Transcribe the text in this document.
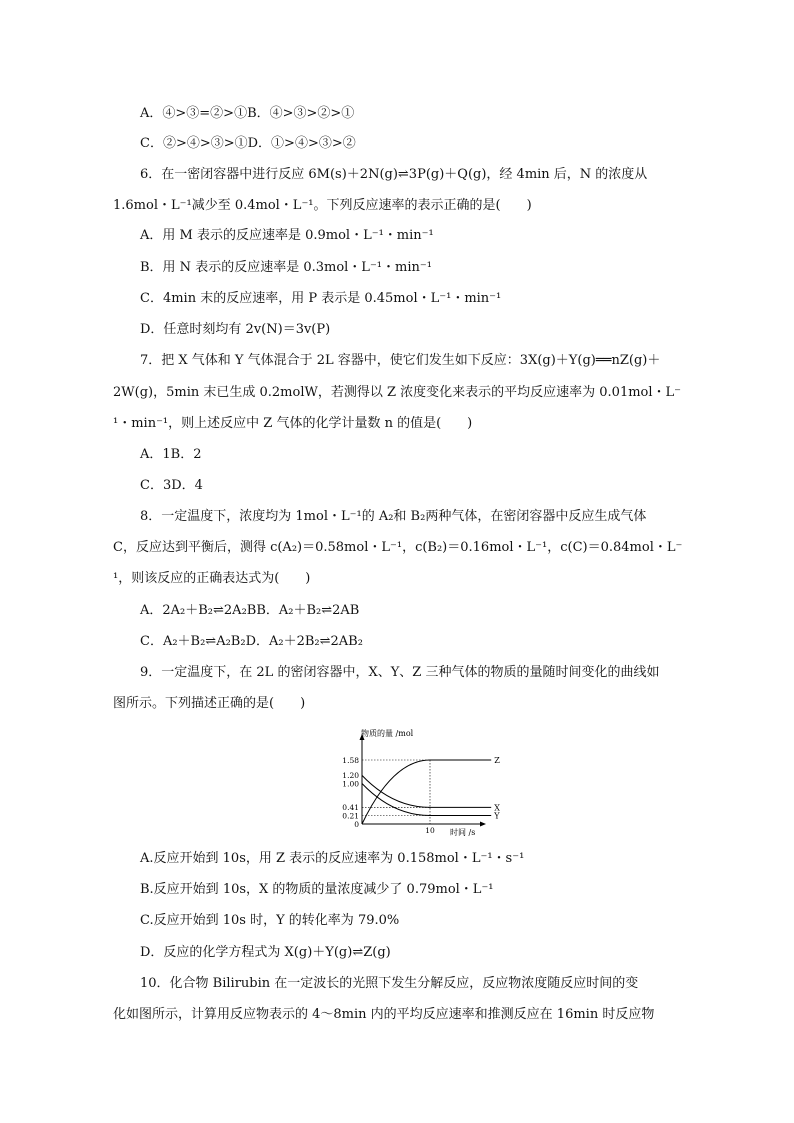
A．④>③=②>①B．④>③>②>①
C．②>④>③>①D．①>④>③>②
6．在一密闭容器中进行反应 6M(s)＋2N(g)⇌3P(g)＋Q(g)，经 4min 后，N 的浓度从
1.6mol・L⁻¹减少至 0.4mol・L⁻¹。下列反应速率的表示正确的是(　　)
A．用 M 表示的反应速率是 0.9mol・L⁻¹・min⁻¹
B．用 N 表示的反应速率是 0.3mol・L⁻¹・min⁻¹
C．4min 末的反应速率，用 P 表示是 0.45mol・L⁻¹・min⁻¹
D．任意时刻均有 2v(N)＝3v(P)
7．把 X 气体和 Y 气体混合于 2L 容器中，使它们发生如下反应：3X(g)＋Y(g)══nZ(g)＋
2W(g)，5min 末已生成 0.2molW，若测得以 Z 浓度变化来表示的平均反应速率为 0.01mol・L⁻
¹・min⁻¹，则上述反应中 Z 气体的化学计量数 n 的值是(　　)
A．1B．2
C．3D．4
8．一定温度下，浓度均为 1mol・L⁻¹的 A₂和 B₂两种气体，在密闭容器中反应生成气体
C，反应达到平衡后，测得 c(A₂)＝0.58mol・L⁻¹，c(B₂)＝0.16mol・L⁻¹，c(C)＝0.84mol・L⁻
¹，则该反应的正确表达式为(　　)
A．2A₂＋B₂⇌2A₂BB．A₂＋B₂⇌2AB
C．A₂＋B₂⇌A₂B₂D．A₂＋2B₂⇌2AB₂
9．一定温度下，在 2L 的密闭容器中，X、Y、Z 三种气体的物质的量随时间变化的曲线如
图所示。下列描述正确的是(　　)
物质的量 /mol
时间 /s
1.58
1.20
1.00
0.41
0.21
0
10
Z
X
Y
A.反应开始到 10s，用 Z 表示的反应速率为 0.158mol・L⁻¹・s⁻¹
B.反应开始到 10s，X 的物质的量浓度减少了 0.79mol・L⁻¹
C.反应开始到 10s 时，Y 的转化率为 79.0%
D．反应的化学方程式为 X(g)＋Y(g)⇌Z(g)
10．化合物 Bilirubin 在一定波长的光照下发生分解反应，反应物浓度随反应时间的变
化如图所示，计算用反应物表示的 4～8min 内的平均反应速率和推测反应在 16min 时反应物
